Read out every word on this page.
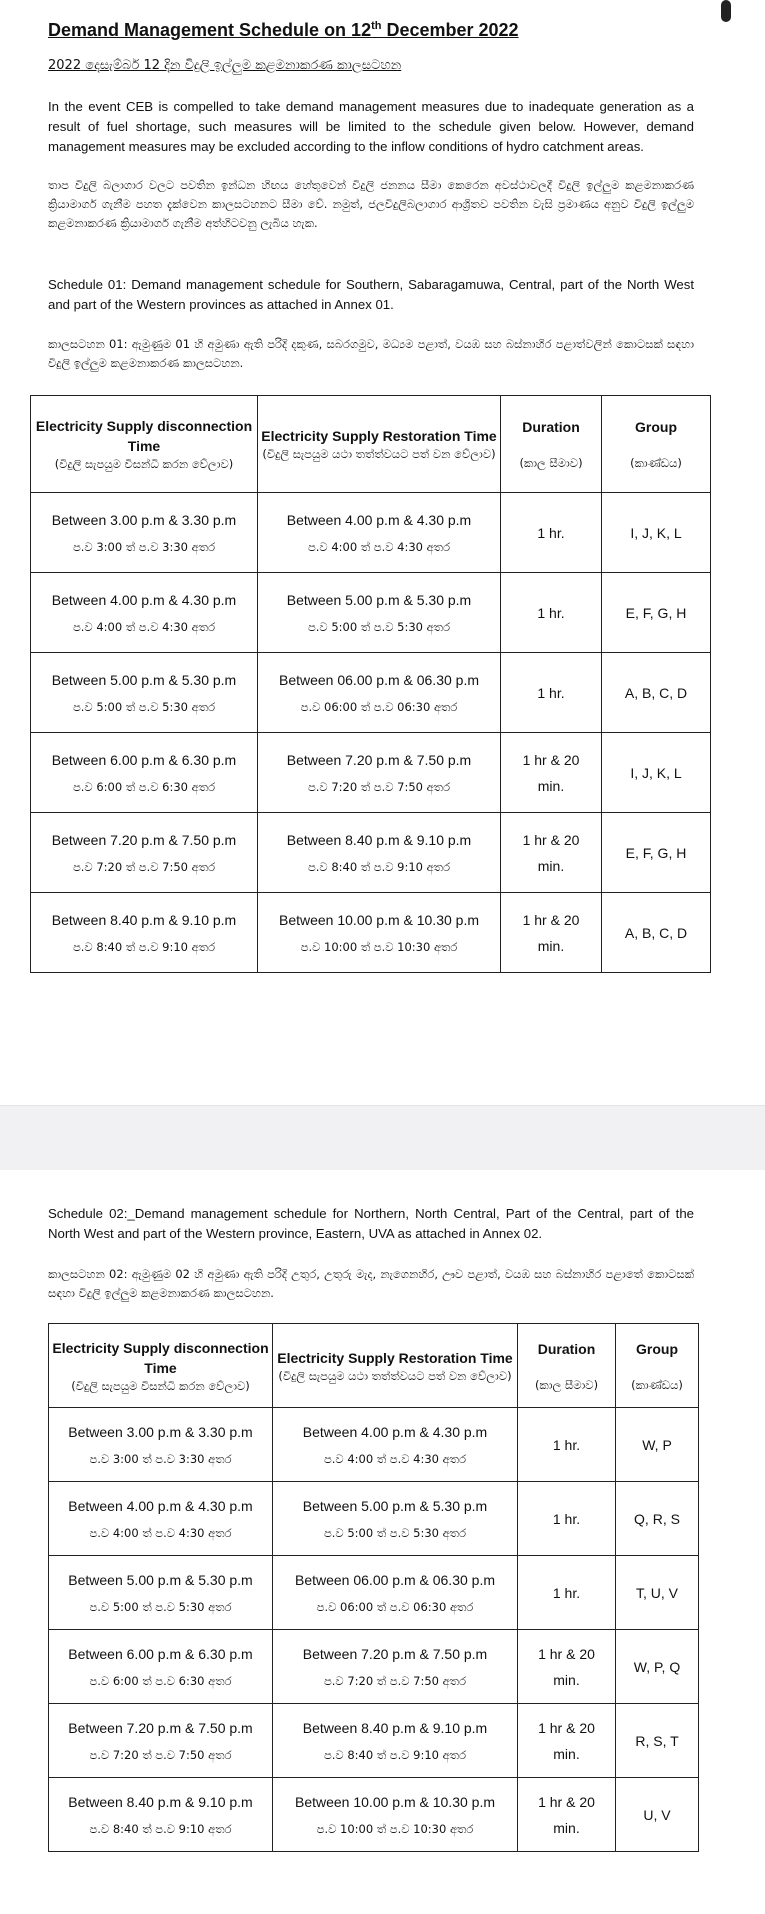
Demand Management Schedule on 12th December 2022
2022 දෙසැම්බර් 12 දින විදුලි ඉල්ලුම කළමනාකරණ කාලසටහන
In the event CEB is compelled to take demand management measures due to inadequate generation as a result of fuel shortage, such measures will be limited to the schedule given below. However, demand management measures may be excluded according to the inflow conditions of hydro catchment areas.
තාප විදුලි බලාගාර වලට පවතින ඉන්ධන හිඟය හේතුවෙන් විදුලි ජනනය සීමා කෙරෙන අවස්ථාවලදී විදුලි ඉල්ලුම කළමනාකරණ ක්‍රියාමාර්ග ගැනීම පහත දැක්වෙන කාලසටහනට සීමා වේ. නමුත්, ජලවිදුලිබලාගාර ආශ්‍රිතව පවතින වැසි ප්‍රමාණය අනුව විදුලි ඉල්ලුම කළමනාකරණ ක්‍රියාමාර්ග ගැනීම අත්හිටවනු ලැබිය හැක.
Schedule 01: Demand management schedule for Southern, Sabaragamuwa, Central, part of the North West and part of the Western provinces as attached in Annex 01.
කාලසටහන 01: ඇමුණුම 01 හි අමුණා ඇති පරිදි දකුණ, සබරගමුව, මධ්‍යම පළාත්, වයඹ සහ බස්නාහිර පළාත්වලින් කොටසක් සඳහා විදුලි ඉල්ලුම කළමනාකරණ කාලසටහන.
Electricity Supply disconnection Time
(විදුලි සැපයුම විසන්ධි කරන වේලාව)	Electricity Supply Restoration Time
(විදුලි සැපයුම යථා තත්ත්වයට පත් වන වේලාව)	Duration
(කාල සීමාව)	Group
(කාණ්ඩය)

Between 3.00 p.m & 3.30 p.m
ප.ව 3:00 ත් ප.ව 3:30 අතර	Between 4.00 p.m & 4.30 p.m
ප.ව 4:00 ත් ප.ව 4:30 අතර	1 hr.	I, J, K, L

Between 4.00 p.m & 4.30 p.m
ප.ව 4:00 ත් ප.ව 4:30 අතර	Between 5.00 p.m & 5.30 p.m
ප.ව 5:00 ත් ප.ව 5:30 අතර	1 hr.	E, F, G, H

Between 5.00 p.m & 5.30 p.m
ප.ව 5:00 ත් ප.ව 5:30 අතර	Between 06.00 p.m & 06.30 p.m
ප.ව 06:00 ත් ප.ව 06:30 අතර	1 hr.	A, B, C, D

Between 6.00 p.m & 6.30 p.m
ප.ව 6:00 ත් ප.ව 6:30 අතර	Between 7.20 p.m & 7.50 p.m
ප.ව 7:20 ත් ප.ව 7:50 අතර	1 hr & 20
min.	I, J, K, L

Between 7.20 p.m & 7.50 p.m
ප.ව 7:20 ත් ප.ව 7:50 අතර	Between 8.40 p.m & 9.10 p.m
ප.ව 8:40 ත් ප.ව 9:10 අතර	1 hr & 20
min.	E, F, G, H

Between 8.40 p.m & 9.10 p.m
ප.ව 8:40 ත් ප.ව 9:10 අතර	Between 10.00 p.m & 10.30 p.m
ප.ව 10:00 ත් ප.ව 10:30 අතර	1 hr & 20
min.	A, B, C, D
Schedule 02:_Demand management schedule for Northern, North Central, Part of the Central, part of the North West and part of the Western province, Eastern, UVA as attached in Annex 02.
කාලසටහන 02: ඇමුණුම 02 හි අමුණා ඇති පරිදි උතුර, උතුරු මැද, නැගෙනහිර, ඌව පළාත්, වයඹ සහ බස්නාහිර පළාතේ කොටසක් සඳහා විදුලි ඉල්ලුම කළමනාකරණ කාලසටහන.
Electricity Supply disconnection Time
(විදුලි සැපයුම විසන්ධි කරන වේලාව)	Electricity Supply Restoration Time
(විදුලි සැපයුම යථා තත්ත්වයට පත් වන වේලාව)	Duration
(කාල සීමාව)	Group
(කාණ්ඩය)

Between 3.00 p.m & 3.30 p.m
ප.ව 3:00 ත් ප.ව 3:30 අතර	Between 4.00 p.m & 4.30 p.m
ප.ව 4:00 ත් ප.ව 4:30 අතර	1 hr.	W, P

Between 4.00 p.m & 4.30 p.m
ප.ව 4:00 ත් ප.ව 4:30 අතර	Between 5.00 p.m & 5.30 p.m
ප.ව 5:00 ත් ප.ව 5:30 අතර	1 hr.	Q, R, S

Between 5.00 p.m & 5.30 p.m
ප.ව 5:00 ත් ප.ව 5:30 අතර	Between 06.00 p.m & 06.30 p.m
ප.ව 06:00 ත් ප.ව 06:30 අතර	1 hr.	T, U, V

Between 6.00 p.m & 6.30 p.m
ප.ව 6:00 ත් ප.ව 6:30 අතර	Between 7.20 p.m & 7.50 p.m
ප.ව 7:20 ත් ප.ව 7:50 අතර	1 hr & 20
min.	W, P, Q

Between 7.20 p.m & 7.50 p.m
ප.ව 7:20 ත් ප.ව 7:50 අතර	Between 8.40 p.m & 9.10 p.m
ප.ව 8:40 ත් ප.ව 9:10 අතර	1 hr & 20
min.	R, S, T

Between 8.40 p.m & 9.10 p.m
ප.ව 8:40 ත් ප.ව 9:10 අතර	Between 10.00 p.m & 10.30 p.m
ප.ව 10:00 ත් ප.ව 10:30 අතර	1 hr & 20
min.	U, V
